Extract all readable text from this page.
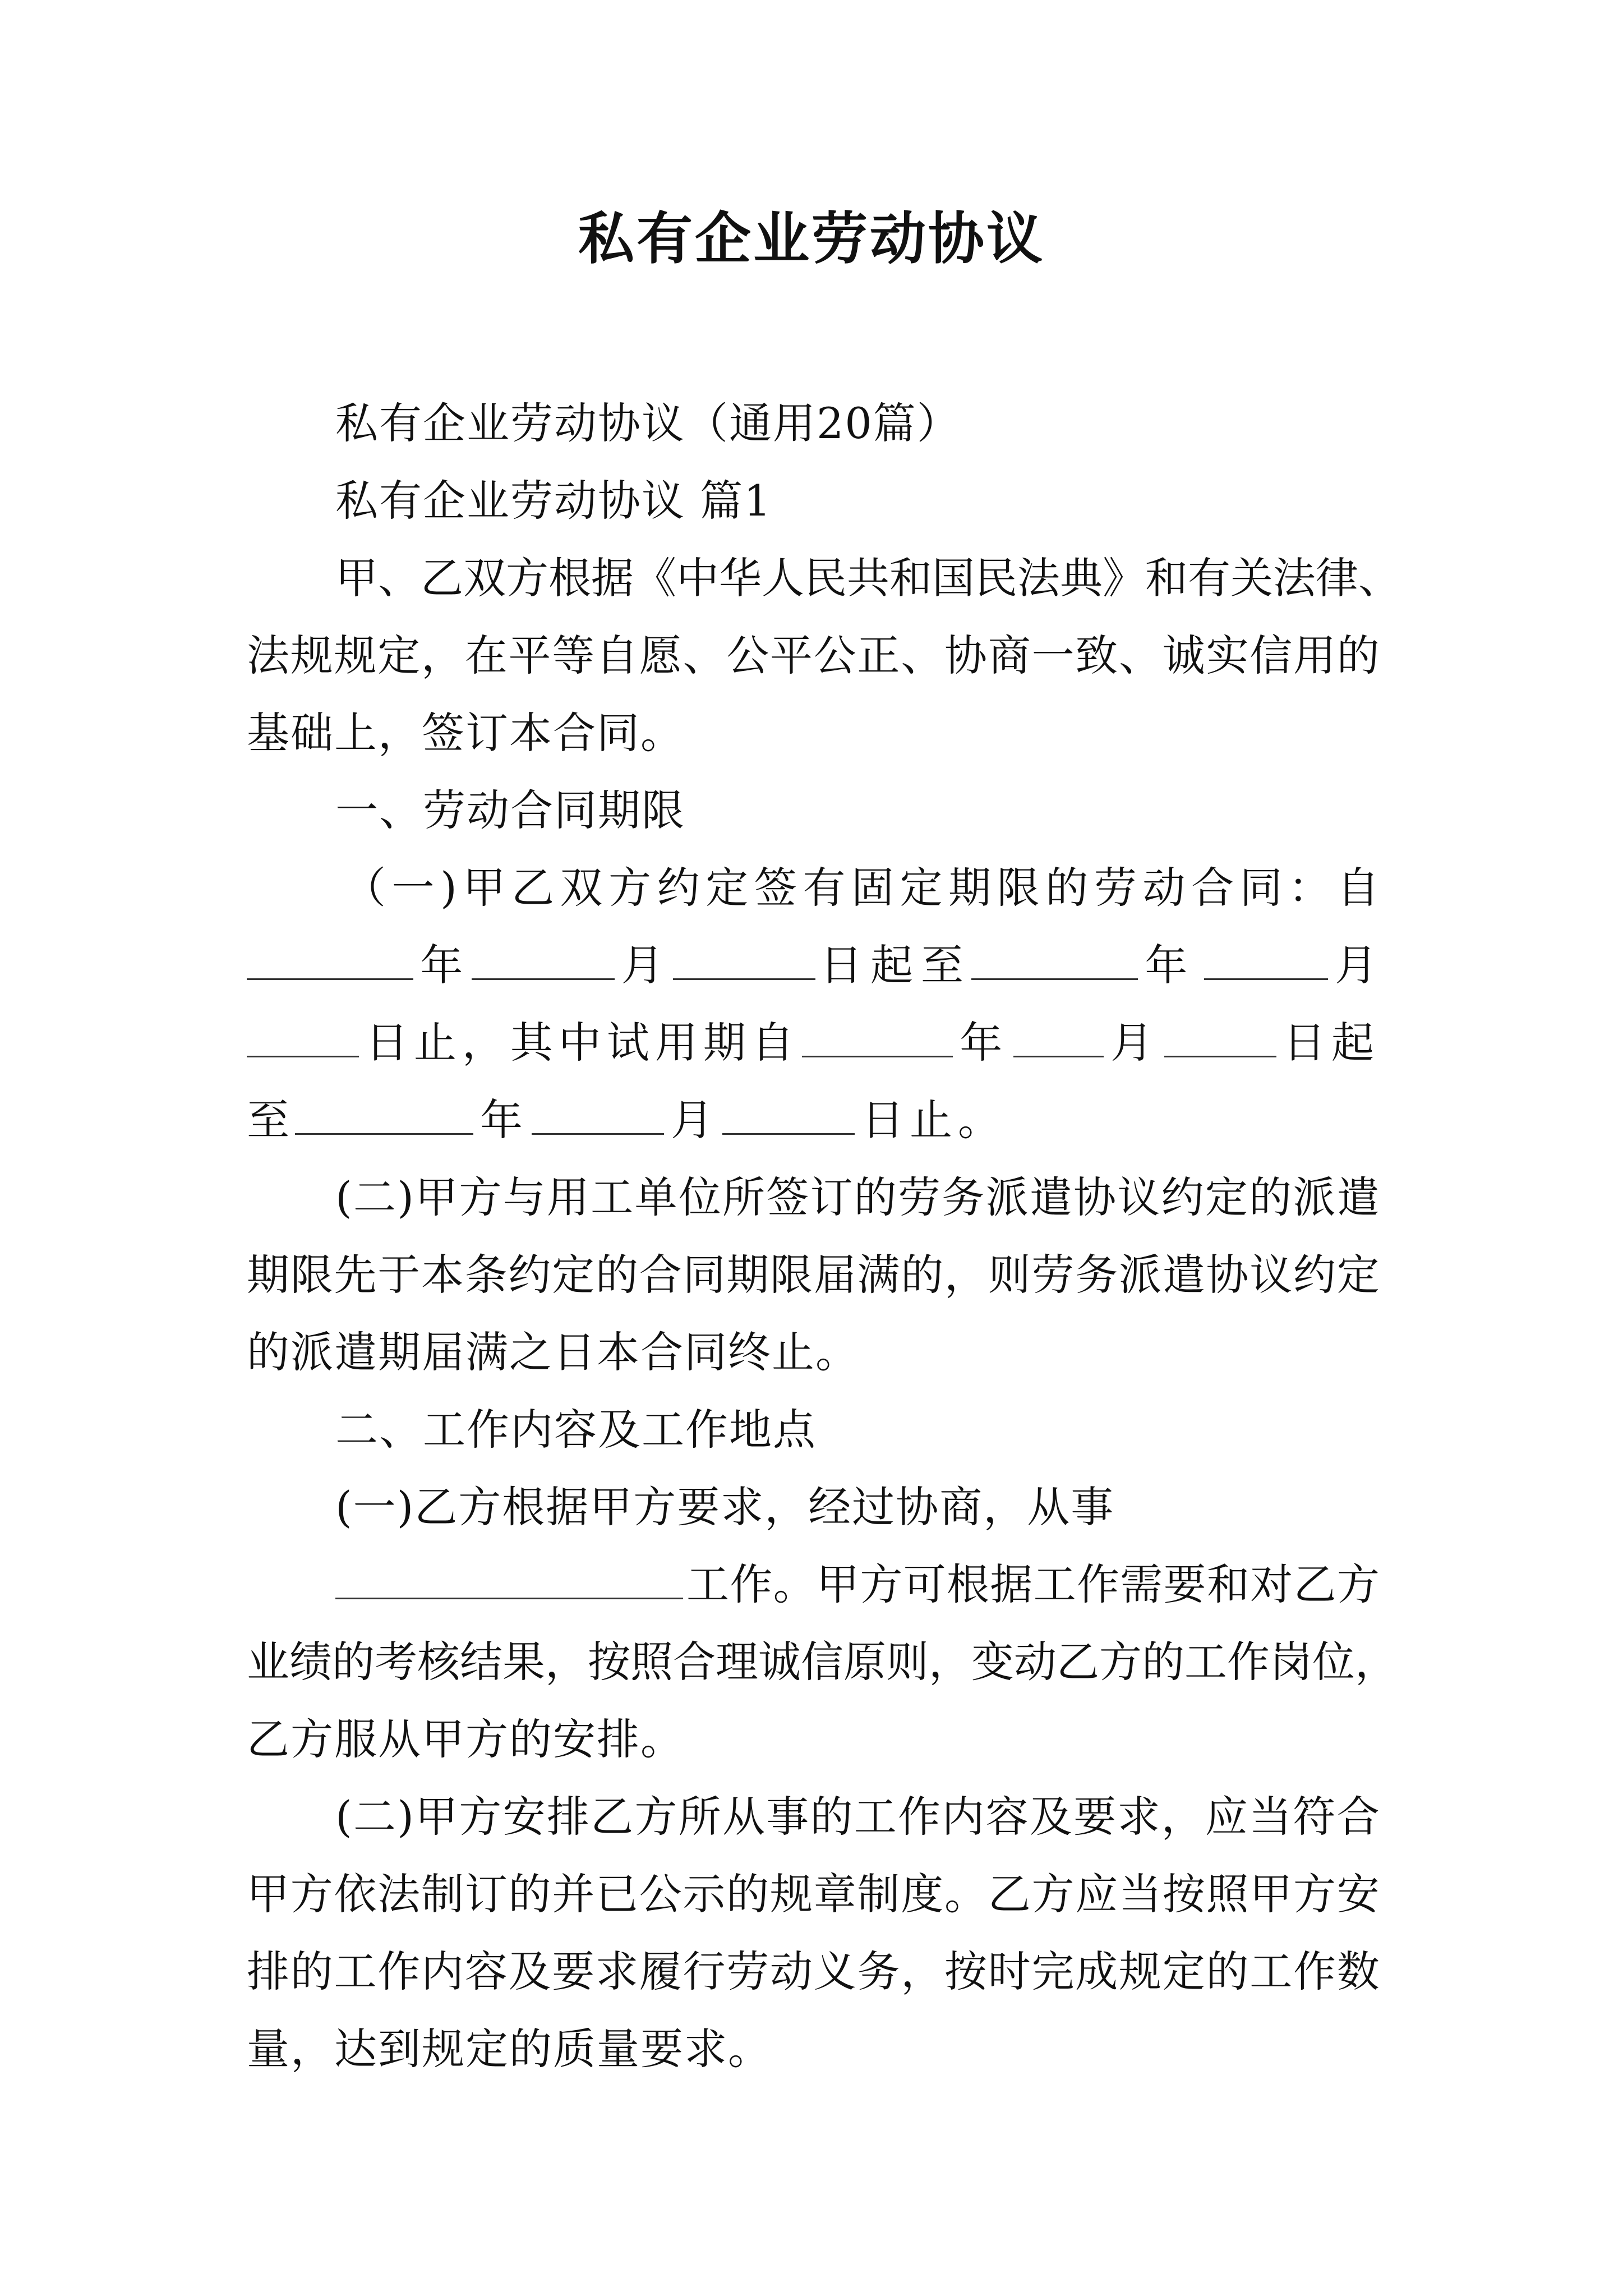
私有企业劳动协议
私有企业劳动协议（通用20篇）
私有企业劳动协议 篇1
甲 、 乙 双 方 根 据 《 中 华 人 民 共 和 国 民 法 典 》 和 有 关 法 律 、
法 规 规 定 ， 在 平 等 自 愿 、 公 平 公 正 、 协 商 一 致 、 诚 实 信 用 的
基础上，签订本合同。
一、劳动合同期限
（ 一 ) 甲 乙 双 方 约 定 签 有 固 定 期 限 的 劳 动 合 同 ： 自
年	月	日起至	年	月
日止，其中试用期自	年 月	日起
至	年	月	日止。
( 二 ) 甲 方 与 用 工 单 位 所 签 订 的 劳 务 派 遣 协 议 约 定 的 派 遣
期 限 先 于 本 条 约 定 的 合 同 期 限 届 满 的 ， 则 劳 务 派 遣 协 议 约 定
的派遣期届满之日本合同终止。
二、工作内容及工作地点
(一)乙方根据甲方要求，经过协商，从事
工 作 。 甲 方 可 根 据 工 作 需 要 和 对 乙 方
业 绩 的 考 核 结 果 ， 按 照 合 理 诚 信 原 则 ， 变 动 乙 方 的 工 作 岗 位 ，
乙方服从甲方的安排。
( 二 ) 甲 方 安 排 乙 方 所 从 事 的 工 作 内 容 及 要 求 ， 应 当 符 合
甲 方 依 法 制 订 的 并 已 公 示 的 规 章 制 度 。 乙 方 应 当 按 照 甲 方 安
排 的 工 作 内 容 及 要 求 履 行 劳 动 义 务 ， 按 时 完 成 规 定 的 工 作 数
量，达到规定的质量要求。
